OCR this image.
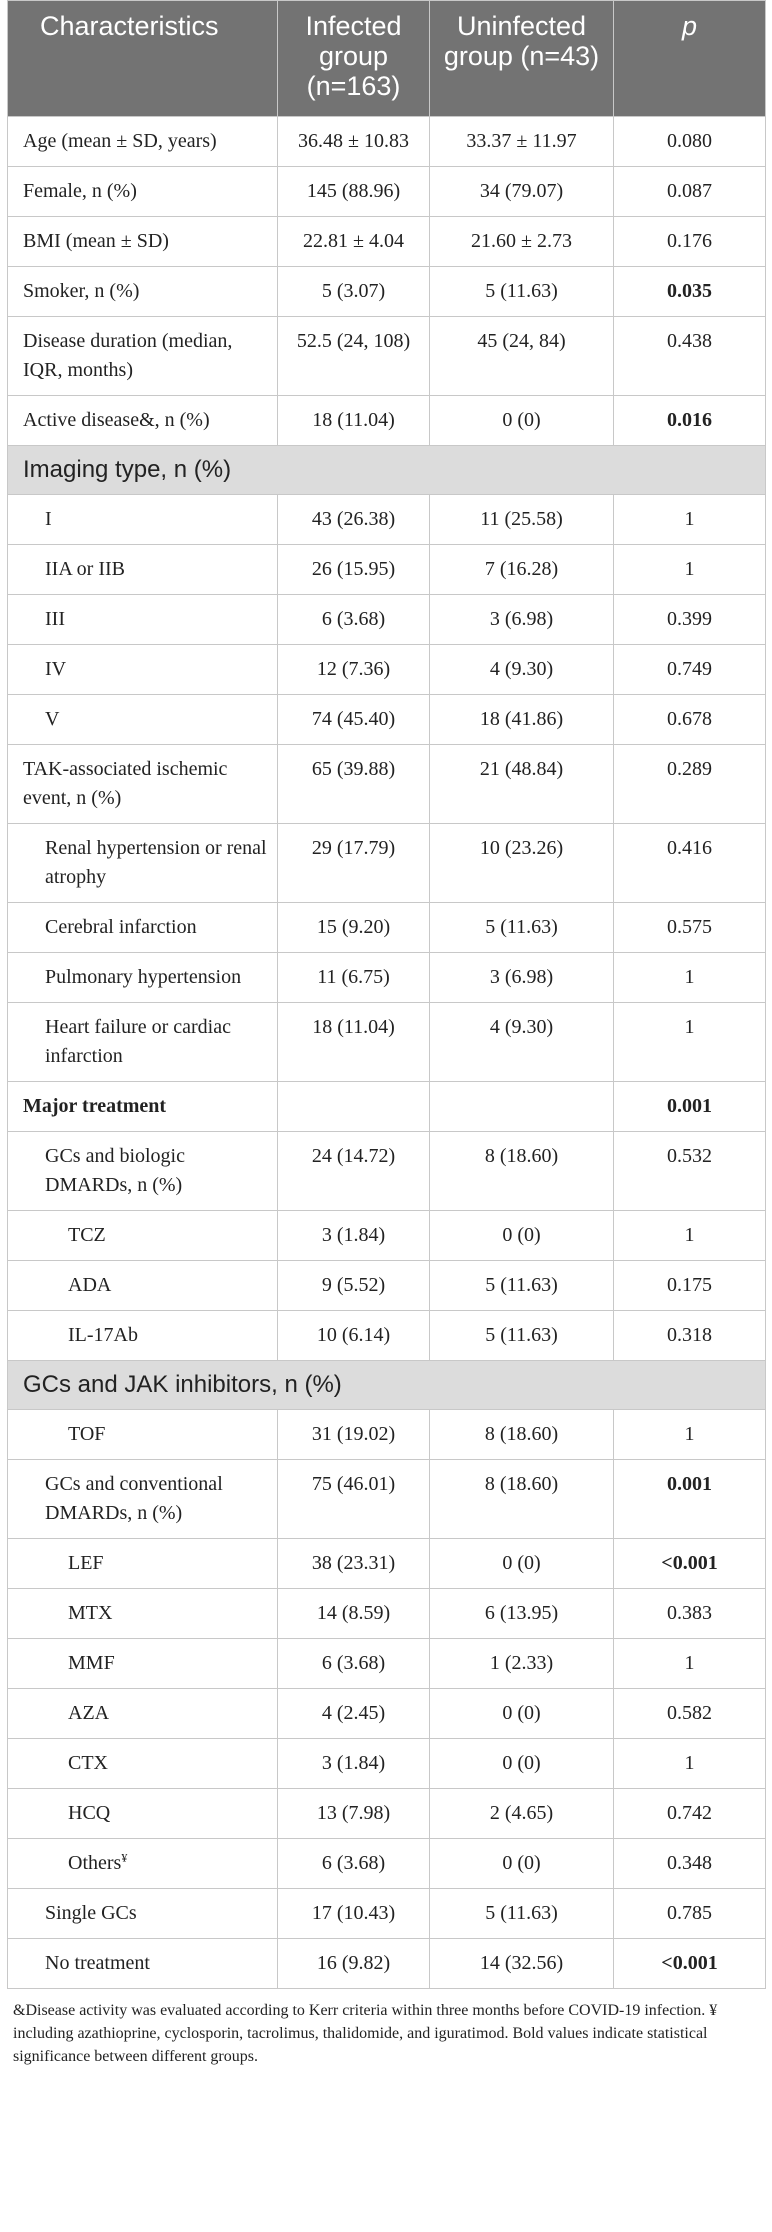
Characteristics	Infected group (n=163)	Uninfected group (n=43)	p
Age (mean ± SD, years)	36.48 ± 10.83	33.37 ± 11.97	0.080
Female, n (%)	145 (88.96)	34 (79.07)	0.087
BMI (mean ± SD)	22.81 ± 4.04	21.60 ± 2.73	0.176
Smoker, n (%)	5 (3.07)	5 (11.63)	0.035
Disease duration (median, IQR, months)	52.5 (24, 108)	45 (24, 84)	0.438
Active disease&, n (%)	18 (11.04)	0 (0)	0.016
Imaging type, n (%)			
I	43 (26.38)	11 (25.58)	1
IIA or IIB	26 (15.95)	7 (16.28)	1
III	6 (3.68)	3 (6.98)	0.399
IV	12 (7.36)	4 (9.30)	0.749
V	74 (45.40)	18 (41.86)	0.678
TAK-associated ischemic event, n (%)	65 (39.88)	21 (48.84)	0.289
Renal hypertension or renal atrophy	29 (17.79)	10 (23.26)	0.416
Cerebral infarction	15 (9.20)	5 (11.63)	0.575
Pulmonary hypertension	11 (6.75)	3 (6.98)	1
Heart failure or cardiac infarction	18 (11.04)	4 (9.30)	1
Major treatment			0.001
GCs and biologic DMARDs, n (%)	24 (14.72)	8 (18.60)	0.532
TCZ	3 (1.84)	0 (0)	1
ADA	9 (5.52)	5 (11.63)	0.175
IL-17Ab	10 (6.14)	5 (11.63)	0.318
GCs and JAK inhibitors, n (%)			
TOF	31 (19.02)	8 (18.60)	1
GCs and conventional DMARDs, n (%)	75 (46.01)	8 (18.60)	0.001
LEF	38 (23.31)	0 (0)	<0.001
MTX	14 (8.59)	6 (13.95)	0.383
MMF	6 (3.68)	1 (2.33)	1
AZA	4 (2.45)	0 (0)	0.582
CTX	3 (1.84)	0 (0)	1
HCQ	13 (7.98)	2 (4.65)	0.742
Others¥	6 (3.68)	0 (0)	0.348
Single GCs	17 (10.43)	5 (11.63)	0.785
No treatment	16 (9.82)	14 (32.56)	<0.001
&Disease activity was evaluated according to Kerr criteria within three months before COVID-19 infection. ¥ including azathioprine, cyclosporin, tacrolimus, thalidomide, and iguratimod. Bold values indicate statistical significance between different groups.
